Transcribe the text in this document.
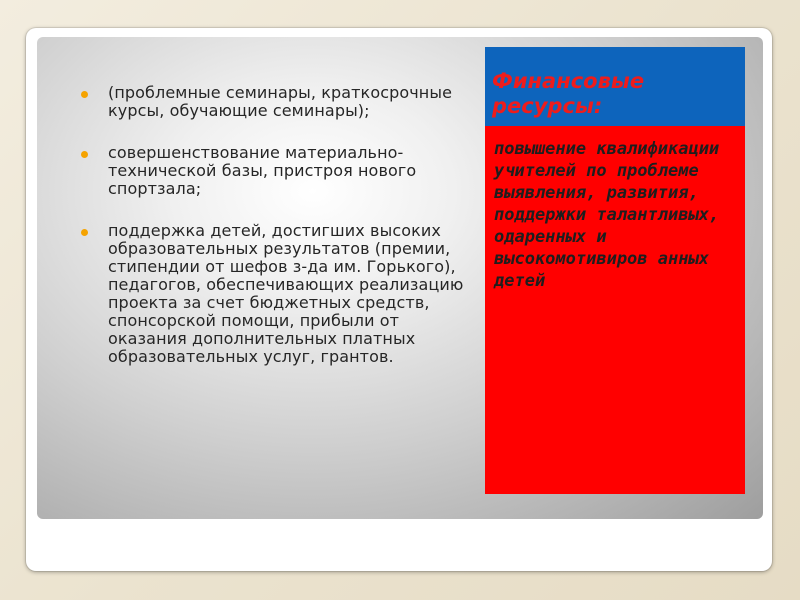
(проблемные семинары, краткосрочные курсы, обучающие семинары);
совершенствование материально-технической базы, пристроя нового спортзала;
поддержка детей, достигших высоких образовательных результатов (премии, стипендии от шефов з-да им. Горького), педагогов, обеспечивающих реализацию проекта за счет бюджетных средств, спонсорской помощи, прибыли от оказания дополнительных платных образовательных услуг, грантов.
Финансовые ресурсы:

повышение квалификации учителей по проблеме выявления, развития, поддержки талантливых, одаренных и высокомотивиров анных детей
